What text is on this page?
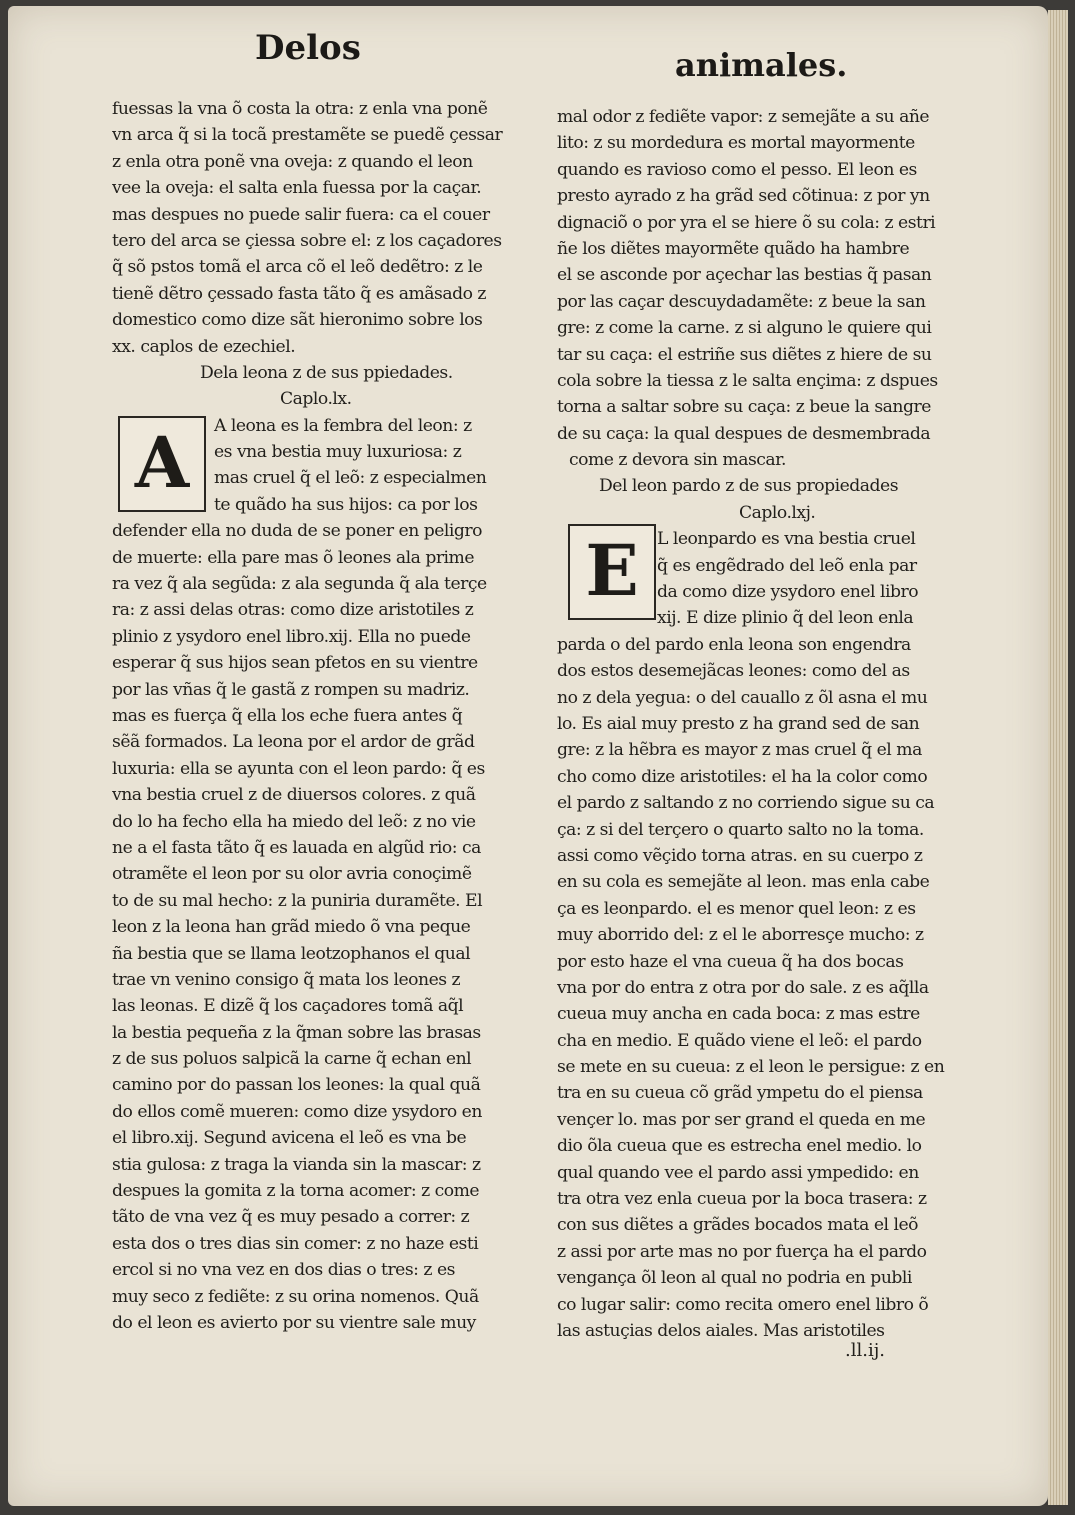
Delos	animales.
A
E
fuessas la vna õ costa la otra: z enla vna ponẽ
vn arca q̃ si la tocã prestamẽte se puedẽ çessar
z enla otra ponẽ vna oveja: z quando el leon
vee la oveja: el salta enla fuessa por la caçar.
mas despues no puede salir fuera: ca el couer
tero del arca se çiessa sobre el: z los caçadores
q̃ sõ pstos tomã el arca cõ el leõ dedẽtro: z le
tienẽ dẽtro çessado fasta tãto q̃ es amãsado z
domestico como dize sãt hieronimo sobre los
xx. caplos de ezechiel.
Dela leona z de sus ppiedades.
Caplo.lx.
A leona es la fembra del leon: z
es vna bestia muy luxuriosa: z
mas cruel q̃ el leõ: z especialmen
te quãdo ha sus hijos: ca por los
defender ella no duda de se poner en peligro
de muerte: ella pare mas õ leones ala prime
ra vez q̃ ala segũda: z ala segunda q̃ ala terçe
ra: z assi delas otras: como dize aristotiles z
plinio z ysydoro enel libro.xij. Ella no puede
esperar q̃ sus hijos sean pfetos en su vientre
por las vñas q̃ le gastã z rompen su madriz.
mas es fuerça q̃ ella los eche fuera antes q̃
sẽã formados. La leona por el ardor de grãd
luxuria: ella se ayunta con el leon pardo: q̃ es
vna bestia cruel z de diuersos colores. z quã
do lo ha fecho ella ha miedo del leõ: z no vie
ne a el fasta tãto q̃ es lauada en algũd rio: ca
otramẽte el leon por su olor avria conoçimẽ
to de su mal hecho: z la puniria duramẽte. El
leon z la leona han grãd miedo õ vna peque
ña bestia que se llama leotzophanos el qual
trae vn venino consigo q̃ mata los leones z
las leonas. E dizẽ q̃ los caçadores tomã aq̃l
la bestia pequeña z la q̃man sobre las brasas
z de sus poluos salpicã la carne q̃ echan enl
camino por do passan los leones: la qual quã
do ellos comẽ mueren: como dize ysydoro en
el libro.xij. Segund avicena el leõ es vna be
stia gulosa: z traga la vianda sin la mascar: z
despues la gomita z la torna acomer: z come
tãto de vna vez q̃ es muy pesado a correr: z
esta dos o tres dias sin comer: z no haze esti
ercol si no vna vez en dos dias o tres: z es
muy seco z fediẽte: z su orina nomenos. Quã
do el leon es avierto por su vientre sale muy
mal odor z fediẽte vapor: z semejãte a su añe
lito: z su mordedura es mortal mayormente
quando es ravioso como el pesso. El leon es
presto ayrado z ha grãd sed cõtinua: z por yn
dignaciõ o por yra el se hiere õ su cola: z estri
ñe los diẽtes mayormẽte quãdo ha hambre
el se asconde por açechar las bestias q̃ pasan
por las caçar descuydadamẽte: z beue la san
gre: z come la carne. z si alguno le quiere qui
tar su caça: el estriñe sus diẽtes z hiere de su
cola sobre la tiessa z le salta ençima: z dspues
torna a saltar sobre su caça: z beue la sangre
de su caça: la qual despues de desmembrada
come z devora sin mascar.
Del leon pardo z de sus propiedades
Caplo.lxj.
L leonpardo es vna bestia cruel
q̃ es engẽdrado del leõ enla par
da como dize ysydoro enel libro
xij. E dize plinio q̃ del leon enla
parda o del pardo enla leona son engendra
dos estos desemejãcas leones: como del as
no z dela yegua: o del cauallo z õl asna el mu
lo. Es aial muy presto z ha grand sed de san
gre: z la hẽbra es mayor z mas cruel q̃ el ma
cho como dize aristotiles: el ha la color como
el pardo z saltando z no corriendo sigue su ca
ça: z si del terçero o quarto salto no la toma.
assi como vẽçido torna atras. en su cuerpo z
en su cola es semejãte al leon. mas enla cabe
ça es leonpardo. el es menor quel leon: z es
muy aborrido del: z el le aborresçe mucho: z
por esto haze el vna cueua q̃ ha dos bocas
vna por do entra z otra por do sale. z es aq̃lla
cueua muy ancha en cada boca: z mas estre
cha en medio. E quãdo viene el leõ: el pardo
se mete en su cueua: z el leon le persigue: z en
tra en su cueua cõ grãd ympetu do el piensa
vençer lo. mas por ser grand el queda en me
dio õla cueua que es estrecha enel medio. lo
qual quando vee el pardo assi ympedido: en
tra otra vez enla cueua por la boca trasera: z
con sus diẽtes a grãdes bocados mata el leõ
z assi por arte mas no por fuerça ha el pardo
vengança õl leon al qual no podria en publi
co lugar salir: como recita omero enel libro õ
las astuçias delos aiales. Mas aristotiles
.ll.ij.
